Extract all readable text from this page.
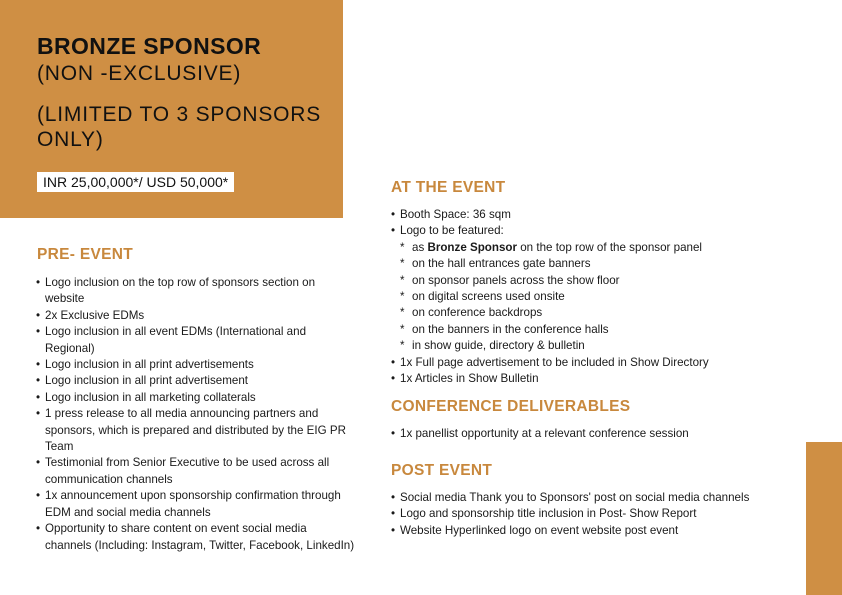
BRONZE SPONSOR

(NON -EXCLUSIVE)

(LIMITED TO 3 SPONSORS ONLY)

INR 25,00,000*/ USD 50,000*
PRE- EVENT
• Logo inclusion on the top row of sponsors section on website
• 2x Exclusive EDMs
• Logo inclusion in all event EDMs (International and Regional)
• Logo inclusion in all print advertisements
• Logo inclusion in all print advertisement
• Logo inclusion in all marketing collaterals
• 1 press release to all media announcing partners and sponsors, which is prepared and distributed by the EIG PR Team
• Testimonial from Senior Executive to be used across all communication channels
• 1x announcement upon sponsorship confirmation through EDM and social media channels
• Opportunity to share content on event social media channels (Including: Instagram, Twitter, Facebook, LinkedIn)
AT THE EVENT
• Booth Space: 36 sqm
• Logo to be featured:
* as Bronze Sponsor on the top row of the sponsor panel
* on the hall entrances gate banners
* on sponsor panels across the show floor
* on digital screens used onsite
* on conference backdrops
* on the banners in the conference halls
* in show guide, directory & bulletin
• 1x Full page advertisement to be included in Show Directory
• 1x Articles in Show Bulletin
CONFERENCE DELIVERABLES
• 1x panellist opportunity at a relevant conference session
POST EVENT
• Social media Thank you to Sponsors' post on social media channels
• Logo and sponsorship title inclusion in Post- Show Report
• Website Hyperlinked logo on event website post event
